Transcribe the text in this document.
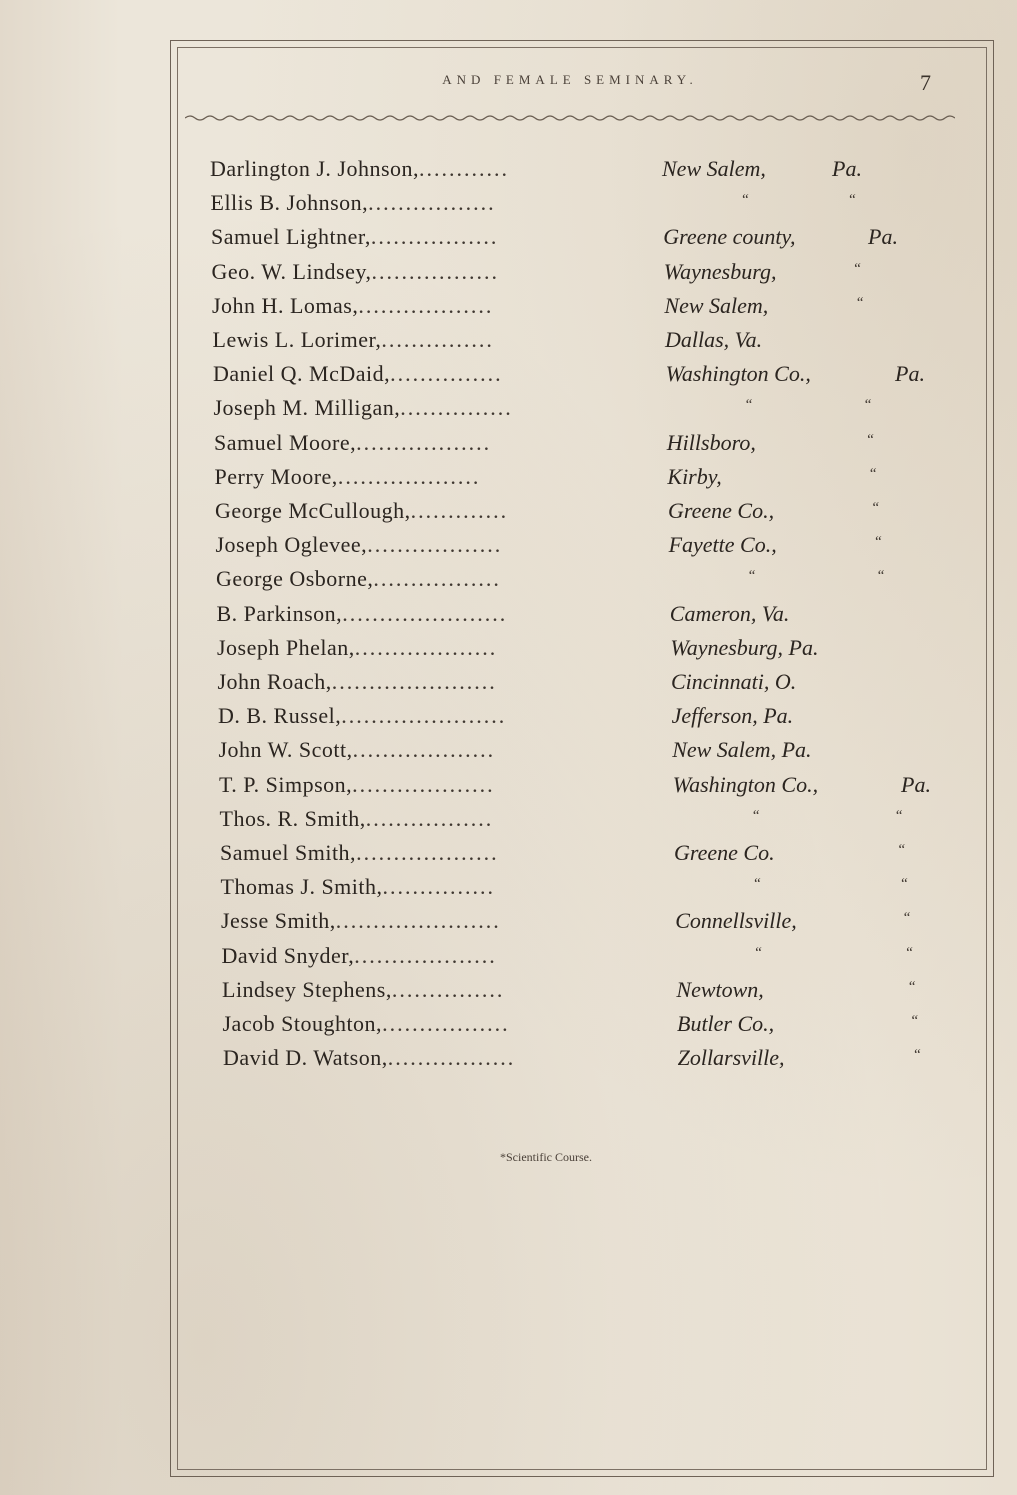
AND FEMALE SEMINARY.	7
Darlington J. Johnson,............	New Salem,	Pa.
Ellis B. Johnson,.................	“	“
Samuel Lightner,.................	Greene county,	Pa.
Geo. W. Lindsey,.................	Waynesburg,	“
John H. Lomas,..................	New Salem,	“
Lewis L. Lorimer,...............	Dallas, Va.
Daniel Q. McDaid,...............	Washington Co.,	Pa.
Joseph M. Milligan,...............	“	“
Samuel Moore,..................	Hillsboro,	“
Perry Moore,...................	Kirby,	“
George McCullough,.............	Greene Co.,	“
Joseph Oglevee,..................	Fayette Co.,	“
George Osborne,.................	“	“
B. Parkinson,......................	Cameron, Va.
Joseph Phelan,...................	Waynesburg, Pa.
John Roach,......................	Cincinnati, O.
D. B. Russel,......................	Jefferson, Pa.
John W. Scott,...................	New Salem, Pa.
T. P. Simpson,...................	Washington Co.,	Pa.
Thos. R. Smith,.................	“	“
Samuel Smith,...................	Greene Co.	“
Thomas J. Smith,...............	“	“
Jesse Smith,......................	Connellsville,	“
David Snyder,...................	“	“
Lindsey Stephens,...............	Newtown,	“
Jacob Stoughton,.................	Butler Co.,	“
David D. Watson,.................	Zollarsville,	“
*Scientific Course.
